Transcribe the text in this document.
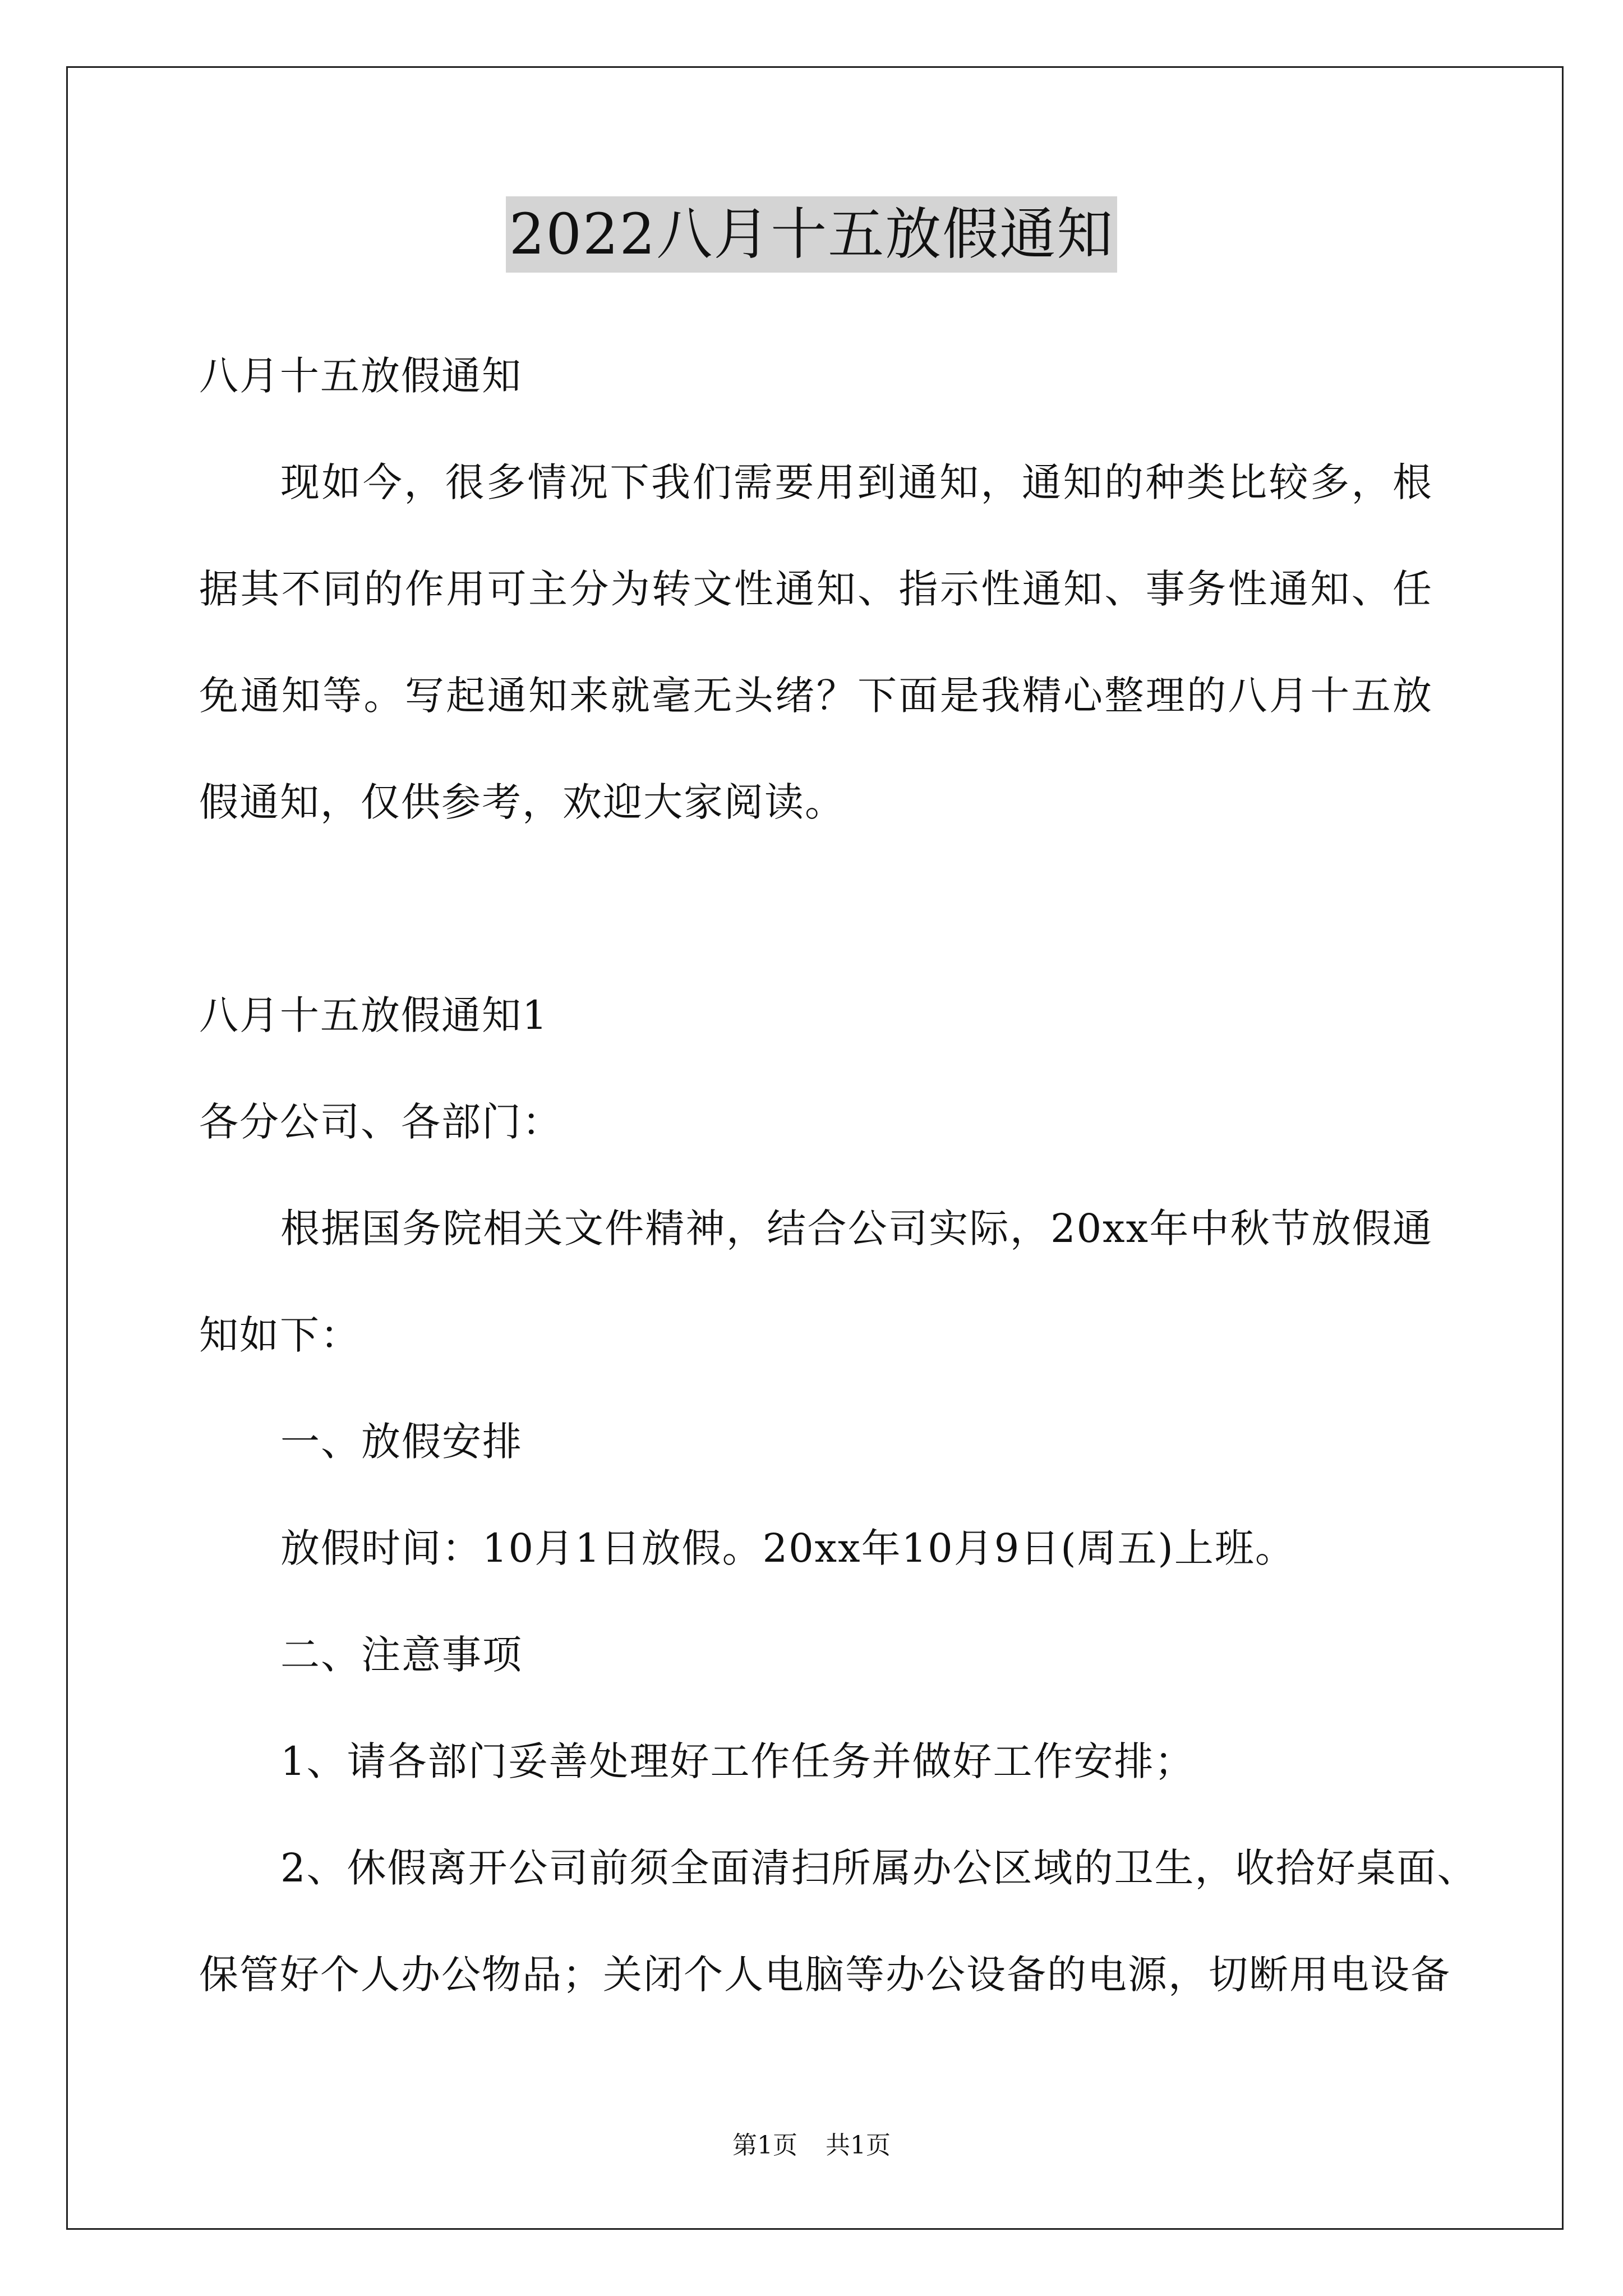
2022八月十五放假通知
八月十五放假通知
现如今，很多情况下我们需要用到通知，通知的种类比较多，根
据其不同的作用可主分为转文性通知、指示性通知、事务性通知、任
免通知等。写起通知来就毫无头绪？下面是我精心整理的八月十五放
假通知，仅供参考，欢迎大家阅读。
八月十五放假通知1
各分公司、各部门：
根据国务院相关文件精神，结合公司实际，20xx年中秋节放假通
知如下：
一、放假安排
放假时间：10月1日放假。20xx年10月9日(周五)上班。
二、注意事项
1、请各部门妥善处理好工作任务并做好工作安排；
2、休假离开公司前须全面清扫所属办公区域的卫生，收拾好桌面、
保管好个人办公物品；关闭个人电脑等办公设备的电源，切断用电设备
第1页 共1页
